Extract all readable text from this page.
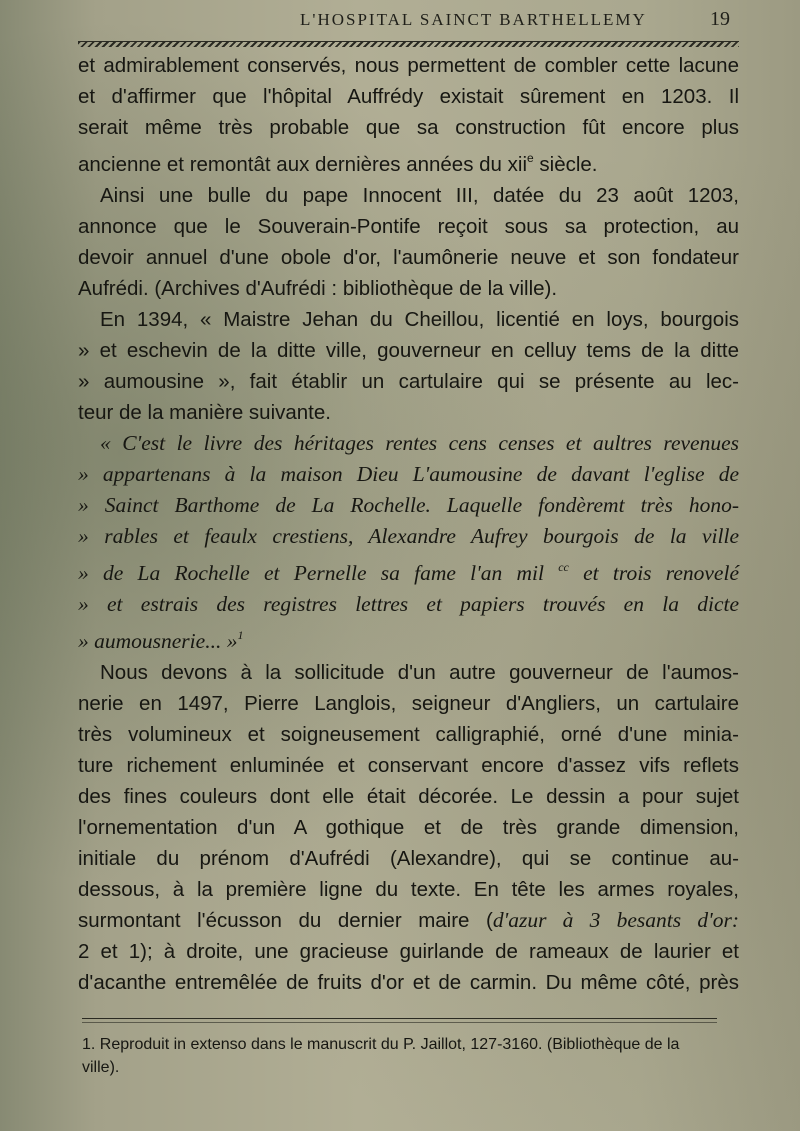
L'HOSPITAL SAINCT BARTHELLEMY	19
et admirablement conservés, nous permettent de combler cette lacune
et d'affirmer que l'hôpital Auffrédy existait sûrement en 1203. Il
serait même très probable que sa construction fût encore plus
ancienne et remontât aux dernières années du xii$^e$ siècle.
Ainsi une bulle du pape Innocent III, datée du 23 août 1203,
annonce que le Souverain-Pontife reçoit sous sa protection, au
devoir annuel d'une obole d'or, l'aumônerie neuve et son fondateur
Aufrédi. (Archives d'Aufrédi : bibliothèque de la ville).
En 1394, « Maistre Jehan du Cheillou, licentié en loys, bourgois
» et eschevin de la ditte ville, gouverneur en celluy tems de la ditte
» aumousine », fait établir un cartulaire qui se présente au lec-
teur de la manière suivante.
« C'est le livre des héritages rentes cens censes et aultres revenues
» appartenans à la maison Dieu L'aumousine de davant l'eglise de
» Sainct Barthome de La Rochelle. Laquelle fondèremt très hono-
» rables et feaulx crestiens, Alexandre Aufrey bourgois de la ville
» de La Rochelle et Pernelle sa fame l'an mil $^{cc}$ et trois renovelé
» et estrais des registres lettres et papiers trouvés en la dicte
» aumousnerie... »$^1$
Nous devons à la sollicitude d'un autre gouverneur de l'aumos-
nerie en 1497, Pierre Langlois, seigneur d'Angliers, un cartulaire
très volumineux et soigneusement calligraphié, orné d'une minia-
ture richement enluminée et conservant encore d'assez vifs reflets
des fines couleurs dont elle était décorée. Le dessin a pour sujet
l'ornementation d'un A gothique et de très grande dimension,
initiale du prénom d'Aufrédi (Alexandre), qui se continue au-
dessous, à la première ligne du texte. En tête les armes royales,
surmontant l'écusson du dernier maire (d'azur à 3 besants d'or:
2 et 1); à droite, une gracieuse guirlande de rameaux de laurier et
d'acanthe entremêlée de fruits d'or et de carmin. Du même côté, près
1. Reproduit in extenso dans le manuscrit du P. Jaillot, 127-3160. (Bibliothèque de la
ville).
